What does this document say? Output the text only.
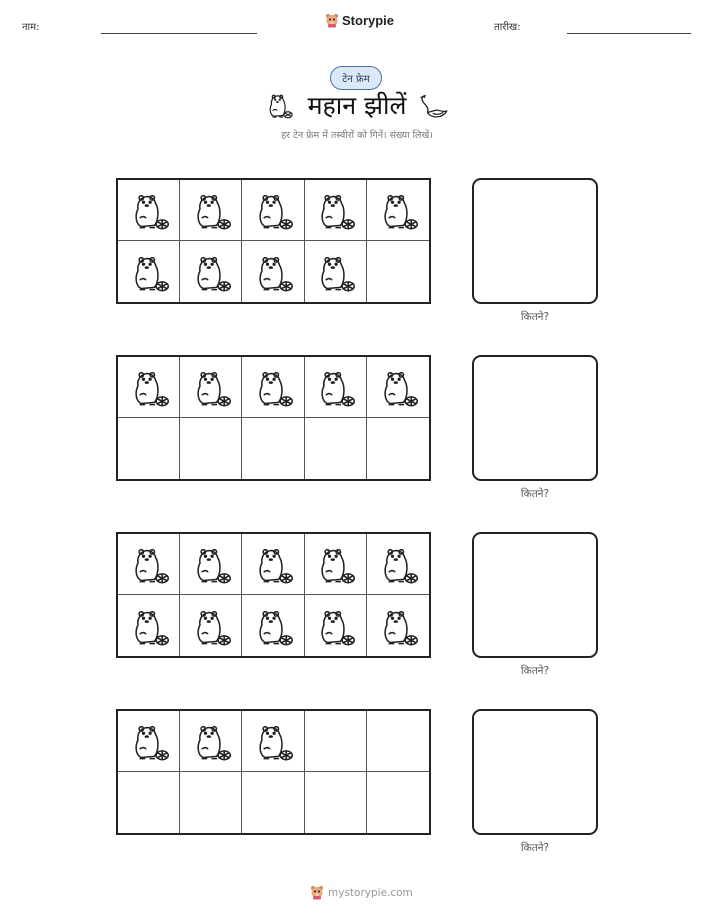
नाम:	Storypie	तारीख:
टेन फ्रेम
महान झीलें
हर टेन फ्रेम में तस्वीरों को गिनें। संख्या लिखें।
कितने?
कितने?
कितने?
कितने?
mystorypie.com
